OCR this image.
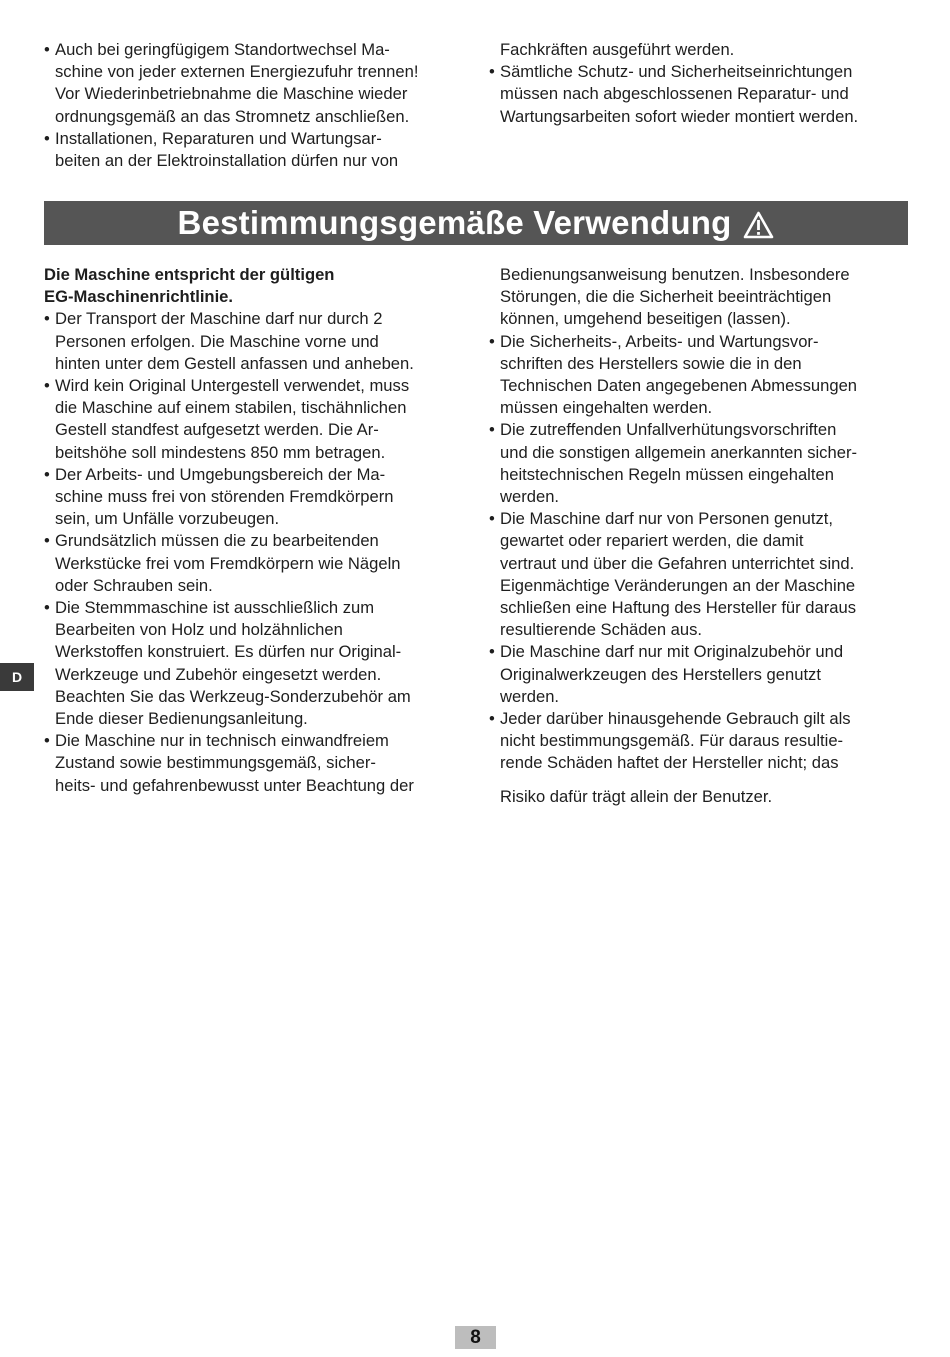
• Auch bei geringfügigem Standortwechsel Ma-
schine von jeder externen Energiezufuhr trennen!
Vor Wiederinbetriebnahme die Maschine wieder
ordnungsgemäß an das Stromnetz anschließen.
• Installationen, Reparaturen und Wartungsar-
beiten an der Elektroinstallation dürfen nur von

Fachkräften ausgeführt werden.

• Sämtliche Schutz- und Sicherheitseinrichtungen
müssen nach abgeschlossenen Reparatur- und
Wartungsarbeiten sofort wieder montiert werden.
Bestimmungsgemäße Verwendung

Die Maschine entspricht der gültigen
EG-Maschinenrichtlinie.

• Der Transport der Maschine darf nur durch 2
Personen erfolgen. Die Maschine vorne und
hinten unter dem Gestell anfassen und anheben.
• Wird kein Original Untergestell verwendet, muss
die Maschine auf einem stabilen, tischähnlichen
Gestell standfest aufgesetzt werden. Die Ar-
beitshöhe soll mindestens 850 mm betragen.
• Der Arbeits- und Umgebungsbereich der Ma-
schine muss frei von störenden Fremdkörpern
sein, um Unfälle vorzubeugen.
• Grundsätzlich müssen die zu bearbeitenden
Werkstücke frei vom Fremdkörpern wie Nägeln
oder Schrauben sein.
• Die Stemmmaschine ist ausschließlich zum
Bearbeiten von Holz und holzähnlichen
Werkstoffen konstruiert. Es dürfen nur Original-
Werkzeuge und Zubehör eingesetzt werden.
Beachten Sie das Werkzeug-Sonderzubehör am
Ende dieser Bedienungsanleitung.
• Die Maschine nur in technisch einwandfreiem
Zustand sowie bestimmungsgemäß, sicher-
heits- und gefahrenbewusst unter Beachtung der

Bedienungsanweisung benutzen. Insbesondere
Störungen, die die Sicherheit beeinträchtigen
können, umgehend beseitigen (lassen).

• Die Sicherheits-, Arbeits- und Wartungsvor-
schriften des Herstellers sowie die in den
Technischen Daten angegebenen Abmessungen
müssen eingehalten werden.
• Die zutreffenden Unfallverhütungsvorschriften
und die sonstigen allgemein anerkannten sicher-
heitstechnischen Regeln müssen eingehalten
werden.
• Die Maschine darf nur von Personen genutzt,
gewartet oder repariert werden, die damit
vertraut und über die Gefahren unterrichtet sind.
Eigenmächtige Veränderungen an der Maschine
schließen eine Haftung des Hersteller für daraus
resultierende Schäden aus.
• Die Maschine darf nur mit Originalzubehör und
Originalwerkzeugen des Herstellers genutzt
werden.
• Jeder darüber hinausgehende Gebrauch gilt als
nicht bestimmungsgemäß. Für daraus resultie-
rende Schäden haftet der Hersteller nicht; das

Risiko dafür trägt allein der Benutzer.

D
8
